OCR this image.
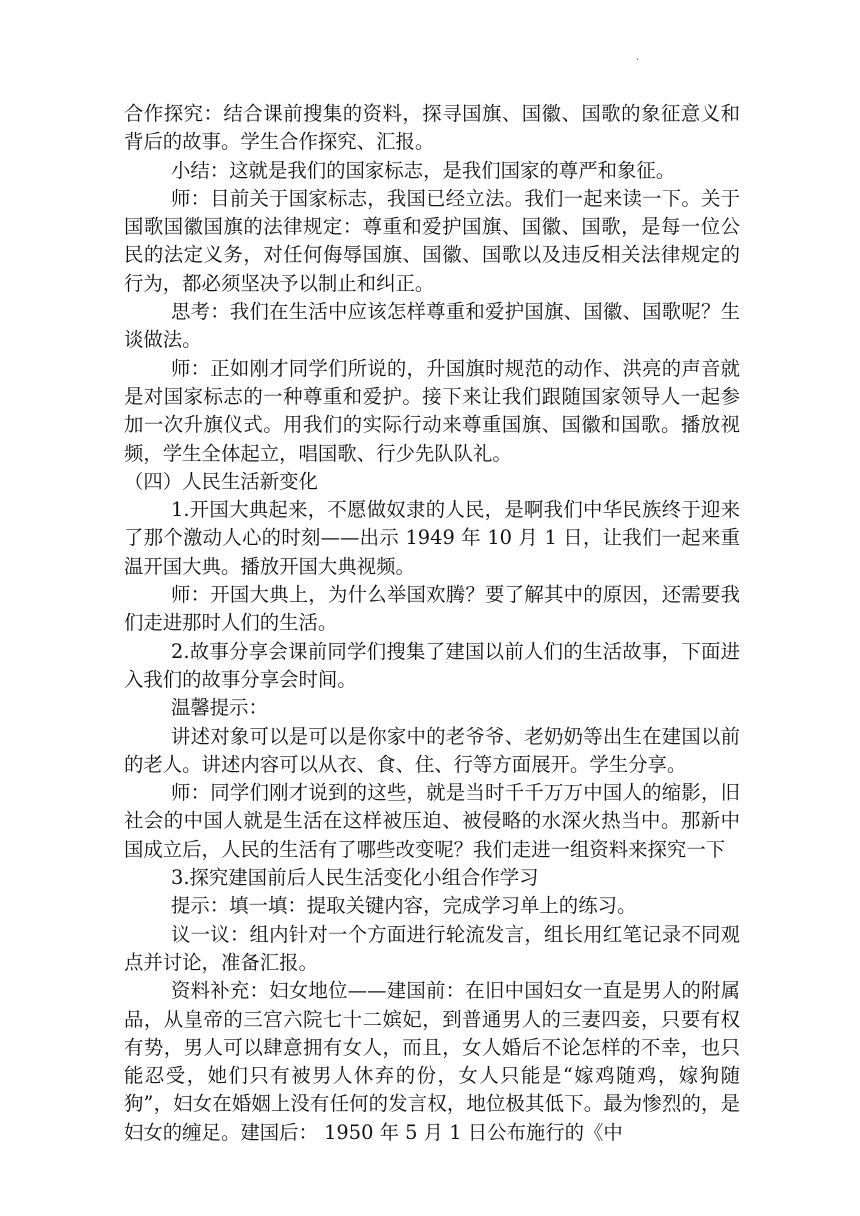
.

合作探究：结合课前搜集的资料，探寻国旗、国徽、国歌的象征意义和背后的故事。学生合作探究、汇报。

小结：这就是我们的国家标志，是我们国家的尊严和象征。

师：目前关于国家标志，我国已经立法。我们一起来读一下。关于国歌国徽国旗的法律规定：尊重和爱护国旗、国徽、国歌，是每一位公民的法定义务，对任何侮辱国旗、国徽、国歌以及违反相关法律规定的行为，都必须坚决予以制止和纠正。

思考：我们在生活中应该怎样尊重和爱护国旗、国徽、国歌呢？生谈做法。

师：正如刚才同学们所说的，升国旗时规范的动作、洪亮的声音就是对国家标志的一种尊重和爱护。接下来让我们跟随国家领导人一起参加一次升旗仪式。用我们的实际行动来尊重国旗、国徽和国歌。播放视频，学生全体起立，唱国歌、行少先队队礼。

（四）人民生活新变化

1.开国大典起来，不愿做奴隶的人民，是啊我们中华民族终于迎来了那个激动人心的时刻——出示 1949 年 10 月 1 日，让我们一起来重温开国大典。播放开国大典视频。

师：开国大典上，为什么举国欢腾？要了解其中的原因，还需要我们走进那时人们的生活。

2.故事分享会课前同学们搜集了建国以前人们的生活故事，下面进入我们的故事分享会时间。

温馨提示：

讲述对象可以是可以是你家中的老爷爷、老奶奶等出生在建国以前的老人。讲述内容可以从衣、食、住、行等方面展开。学生分享。

师：同学们刚才说到的这些，就是当时千千万万中国人的缩影，旧社会的中国人就是生活在这样被压迫、被侵略的水深火热当中。那新中国成立后，人民的生活有了哪些改变呢？我们走进一组资料来探究一下

3.探究建国前后人民生活变化小组合作学习

提示：填一填：提取关键内容，完成学习单上的练习。

议一议：组内针对一个方面进行轮流发言，组长用红笔记录不同观点并讨论，准备汇报。

资料补充：妇女地位——建国前：在旧中国妇女一直是男人的附属品，从皇帝的三宫六院七十二嫔妃，到普通男人的三妻四妾，只要有权有势，男人可以肆意拥有女人，而且，女人婚后不论怎样的不幸，也只能忍受，她们只有被男人休弃的份，女人只能是“嫁鸡随鸡，嫁狗随狗”，妇女在婚姻上没有任何的发言权，地位极其低下。最为惨烈的，是妇女的缠足。建国后： 1950 年 5 月 1 日公布施行的《中
